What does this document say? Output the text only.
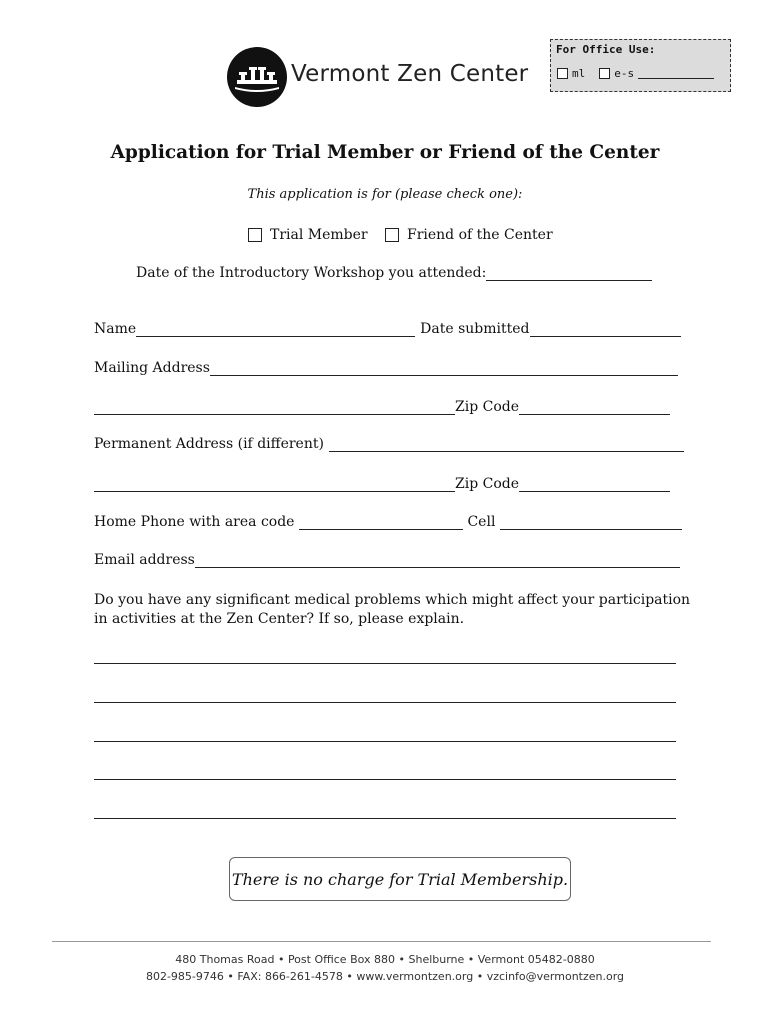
Vermont Zen Center
For Office Use:
ml	e-s
Application for Trial Member or Friend of the Center
This application is for (please check one):
Trial Member	Friend of the Center
Date of the Introductory Workshop you attended:
Name	Date submitted
Mailing Address
Zip Code
Permanent Address (if different)
Zip Code
Home Phone with area code	Cell
Email address
Do you have any significant medical problems which might affect your participation
in activities at the Zen Center? If so, please explain.
There is no charge for Trial Membership.
480 Thomas Road • Post Office Box 880 • Shelburne • Vermont 05482-0880
802-985-9746 • FAX: 866-261-4578 • www.vermontzen.org • vzcinfo@vermontzen.org
